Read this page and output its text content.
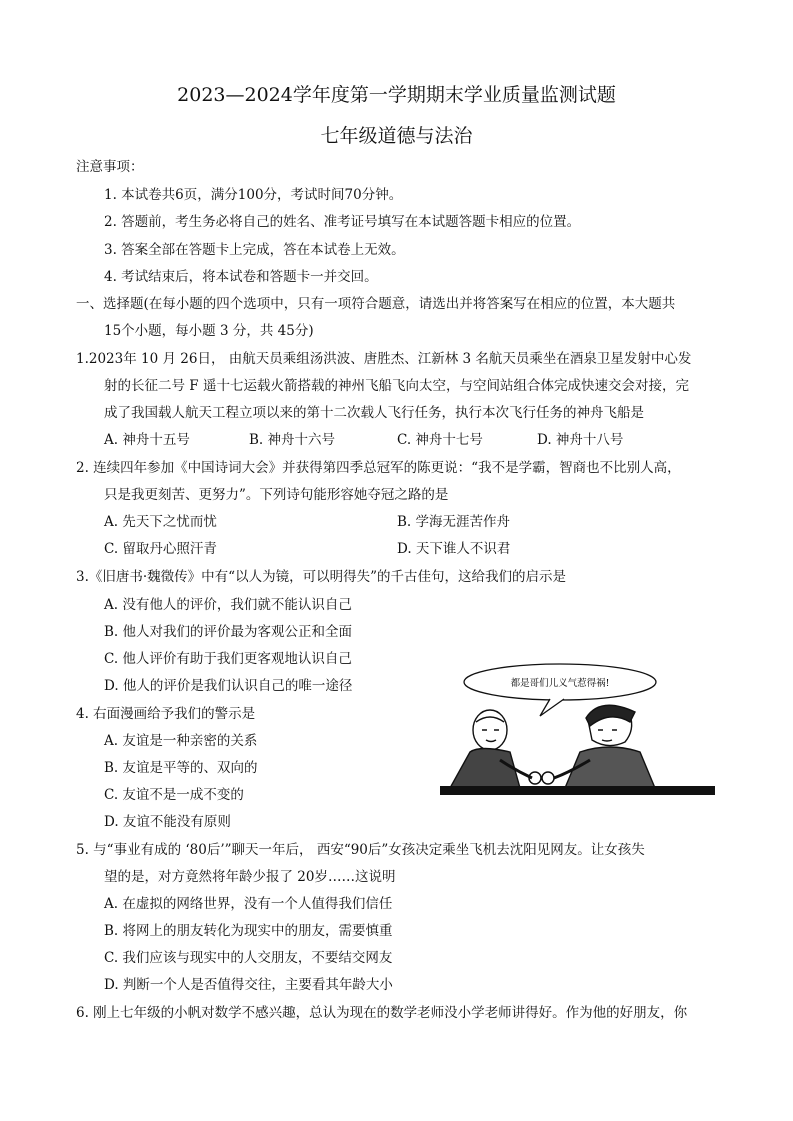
2023—2024学年度第一学期期末学业质量监测试题
七年级道德与法治
注意事项：
1. 本试卷共6页，满分100分，考试时间70分钟。
2. 答题前，考生务必将自己的姓名、准考证号填写在本试题答题卡相应的位置。
3. 答案全部在答题卡上完成，答在本试卷上无效。
4. 考试结束后，将本试卷和答题卡一并交回。
一、选择题(在每小题的四个选项中，只有一项符合题意，请选出并将答案写在相应的位置，本大题共
15个小题，每小题 3 分，共 45分)
1.2023年 10 月 26日， 由航天员乘组汤洪波、唐胜杰、江新林 3 名航天员乘坐在酒泉卫星发射中心发
射的长征二号 F 遥十七运载火箭搭载的神州飞船飞向太空，与空间站组合体完成快速交会对接，完
成了我国载人航天工程立项以来的第十二次载人飞行任务，执行本次飞行任务的神舟飞船是
A. 神舟十五号	B. 神舟十六号	C. 神舟十七号	D. 神舟十八号
2. 连续四年参加《中国诗词大会》并获得第四季总冠军的陈更说：“我不是学霸，智商也不比别人高，
只是我更刻苦、更努力”。下列诗句能形容她夺冠之路的是
A. 先天下之忧而忧	B. 学海无涯苦作舟
C. 留取丹心照汗青	D. 天下谁人不识君
3.《旧唐书·魏徵传》中有“以人为镜，可以明得失”的千古佳句，这给我们的启示是
A. 没有他人的评价，我们就不能认识自己
B. 他人对我们的评价最为客观公正和全面
C. 他人评价有助于我们更客观地认识自己
D. 他人的评价是我们认识自己的唯一途径
4. 右面漫画给予我们的警示是
A. 友谊是一种亲密的关系
B. 友谊是平等的、双向的
C. 友谊不是一成不变的
D. 友谊不能没有原则
5. 与“事业有成的 ‘80后’”聊天一年后， 西安“90后”女孩决定乘坐飞机去沈阳见网友。让女孩失
望的是，对方竟然将年龄少报了 20岁……这说明
A. 在虚拟的网络世界，没有一个人值得我们信任
B. 将网上的朋友转化为现实中的朋友，需要慎重
C. 我们应该与现实中的人交朋友，不要结交网友
D. 判断一个人是否值得交往，主要看其年龄大小
6. 刚上七年级的小帆对数学不感兴趣，总认为现在的数学老师没小学老师讲得好。作为他的好朋友，你
都是哥们儿义气惹得祸!
